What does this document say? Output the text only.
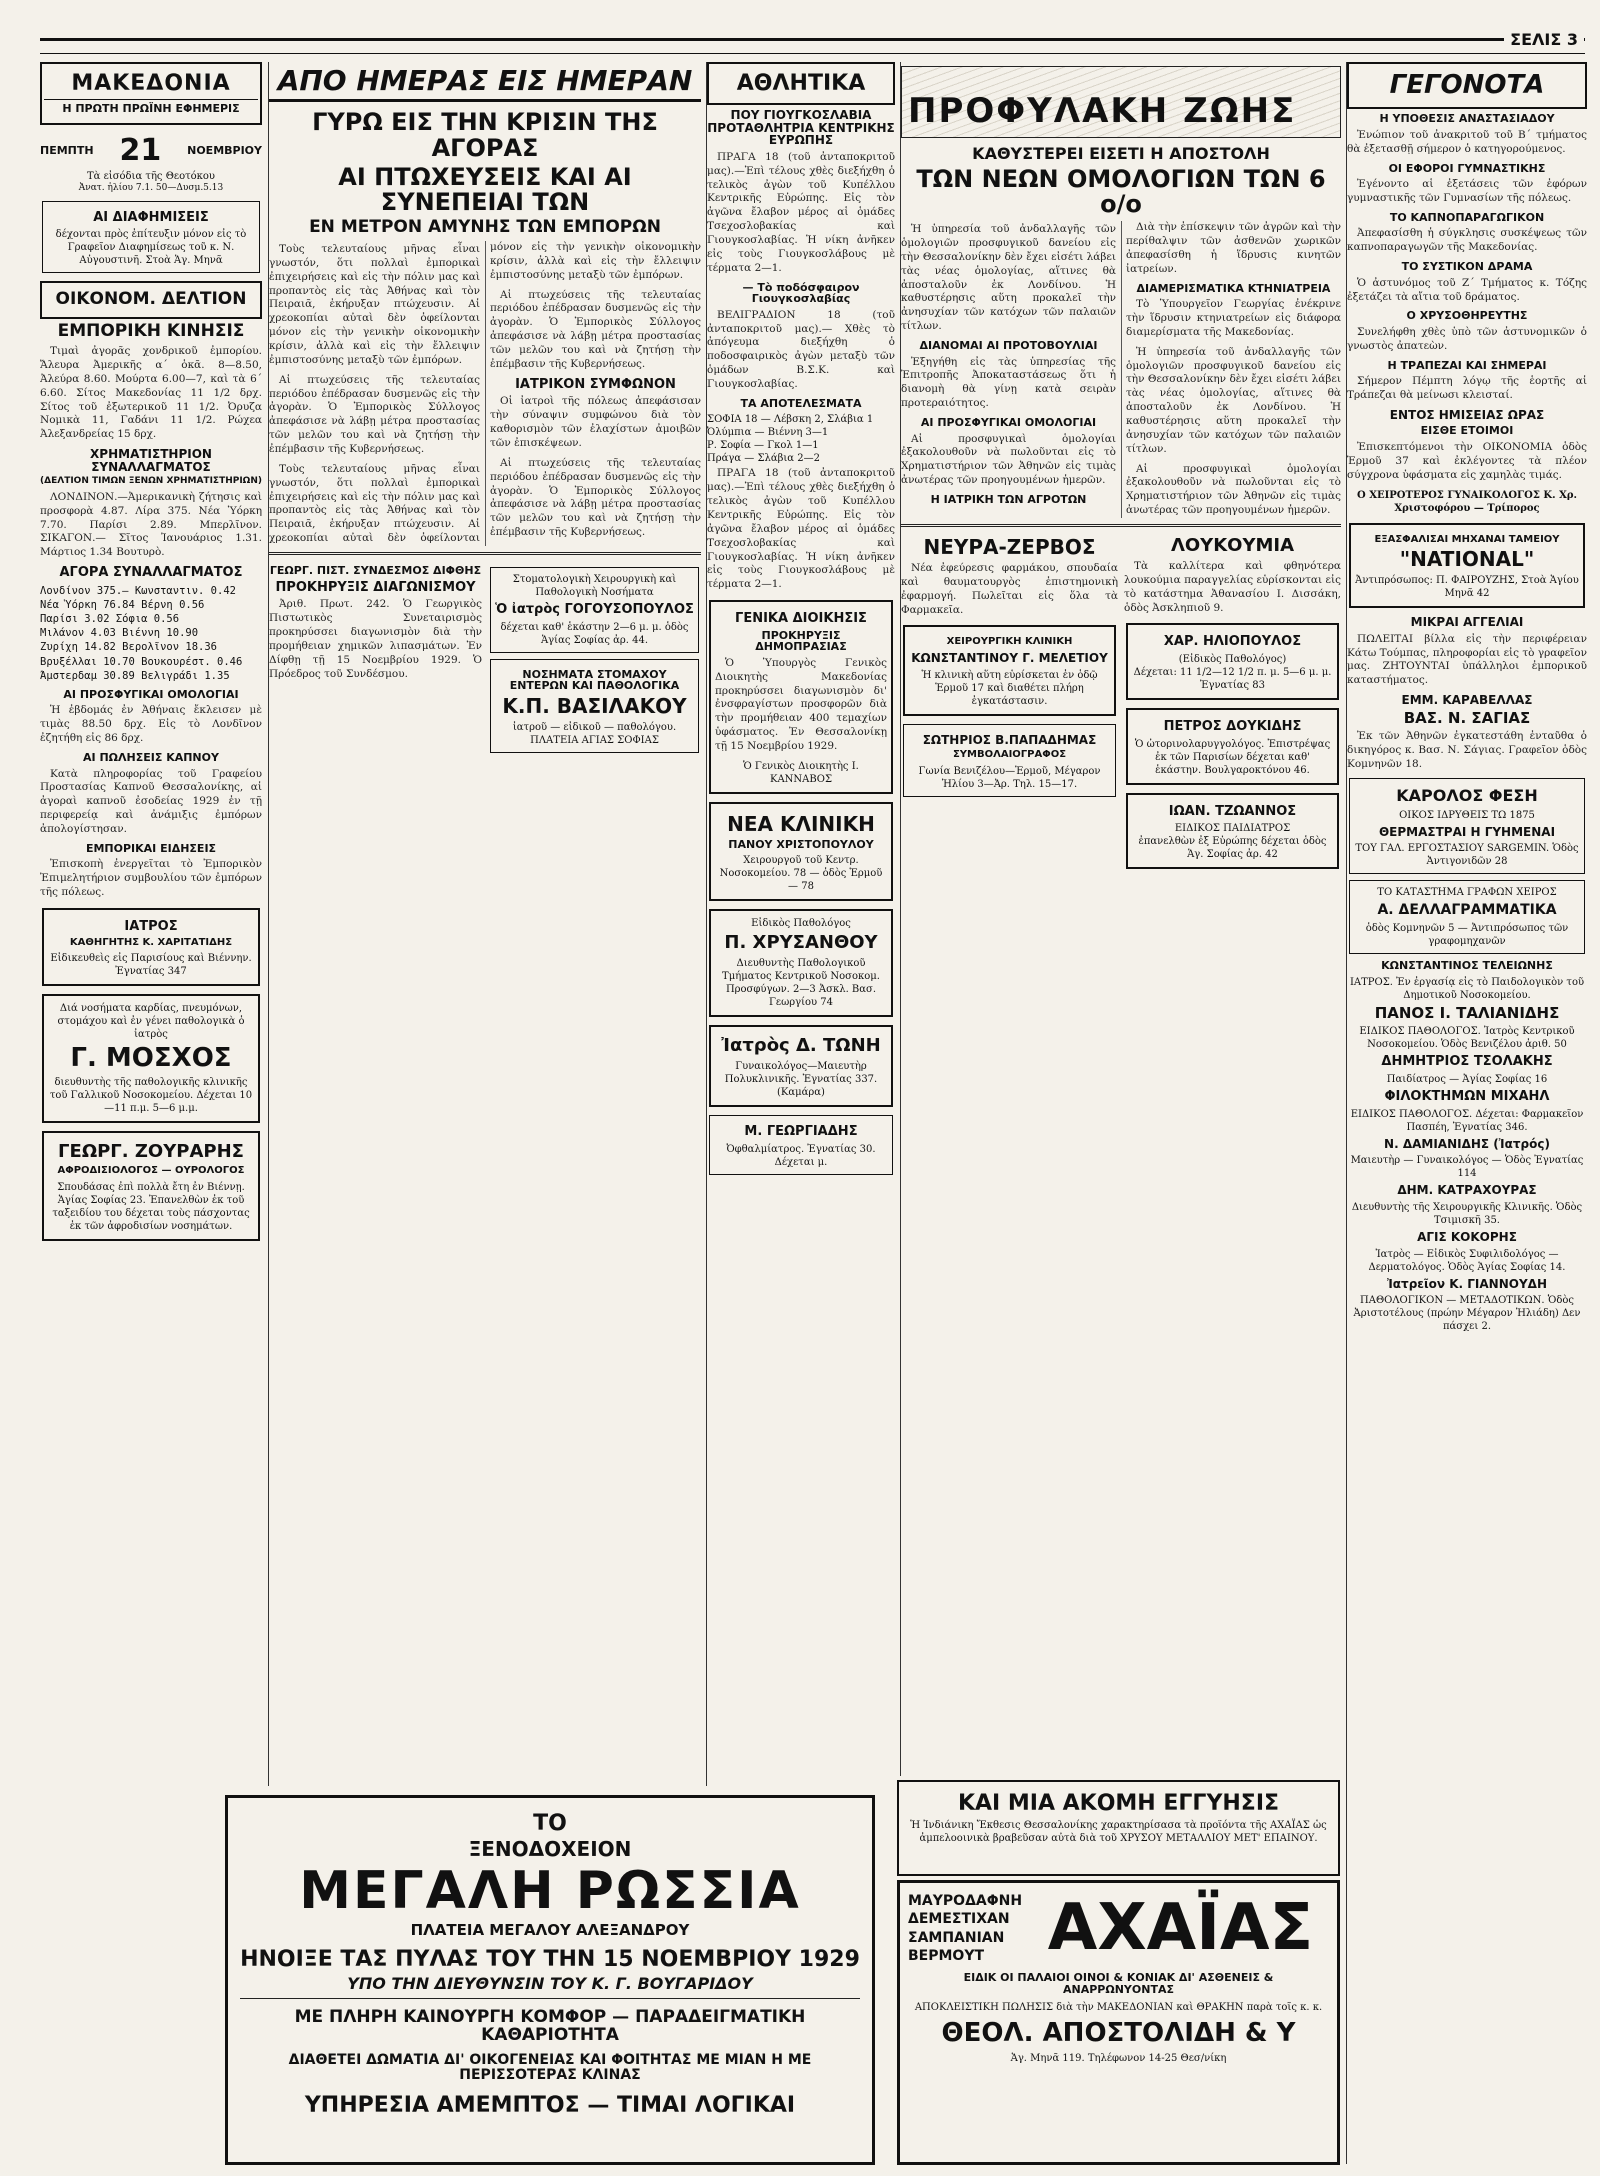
ΣΕΛΙΣ 3
ΜΑΚΕΔΟΝΙΑ
Η ΠΡΩΤΗ ΠΡΩΪΝΗ ΕΦΗΜΕΡΙΣ
ΠΕΜΠΤΗ 21 ΝΟΕΜΒΡΙΟΥ
Τὰ εἰσόδια τῆς Θεοτόκου
Ἀνατ. ἡλίου 7.1. 50—Δυσμ.5.13
ΑΙ ΔΙΑΦΗΜΙΣΕΙΣ
δέχονται πρὸς ἐπίτευξιν μόνον εἰς τὸ Γραφεῖον Διαφημίσεως τοῦ κ. Ν. Αὐγουστινῆ. Στοὰ Ἁγ. Μηνᾶ
ΟΙΚΟΝΟΜ. ΔΕΛΤΙΟΝ
ΕΜΠΟΡΙΚΗ ΚΙΝΗΣΙΣ
Τιμαὶ ἀγορᾶς χονδρικοῦ ἐμπορίου. Ἄλευρα Ἀμερικῆς α΄ ὁκᾶ. 8—8.50, Ἀλεύρα 8.60. Μούρτα 6.00—7, καὶ τὰ 6΄ 6.60. Σίτος Μακεδονίας 11 1/2 δρχ. Σίτος τοῦ ἐξωτερικοῦ 11 1/2. Ὀρυζα Νομικὰ 11, Γαδάνι 11 1/2. Ρώχεα Ἀλεξανδρείας 15 δρχ.
ΧΡΗΜΑΤΙΣΤΗΡΙΟΝ ΣΥΝΑΛΛΑΓΜΑΤΟΣ
(ΔΕΛΤΙΟΝ ΤΙΜΩΝ ΞΕΝΩΝ ΧΡΗΜΑΤΙΣΤΗΡΙΩΝ)
ΛΟΝΔΙΝΟΝ.—Ἀμερικανικὴ ζήτησις καὶ προσφορὰ 4.87. Λίρα 375. Νέα Ὑόρκη 7.70. Παρίσι 2.89. Μπερλῖνον. ΣΙΚΑΓΟΝ.— Σῖτος Ἰανουάριος 1.31. Μάρτιος 1.34 Βουτυρὸ.
ΑΓΟΡΑ ΣΥΝΑΛΛΑΓΜΑΤΟΣ
Λονδίνον 375.— Κωνσταντιν. 0.42
Νέα Ὑόρκη 76.84 Βέρνη 0.56
Παρίσι 3.02 Σόφια 0.56
Μιλάνον 4.03 Βιέννη 10.90
Ζυρίχη 14.82 Βερολῖνον 18.36
Βρυξέλλαι 10.70 Βουκουρέστ. 0.46
Ἄμστερδαμ 30.89 Βελιγράδι 1.35
ΑΙ ΠΡΟΣΦΥΓΙΚΑΙ ΟΜΟΛΟΓΙΑΙ
Ἡ ἐβδομάς ἐν Ἀθήναις ἔκλεισεν μὲ τιμὰς 88.50 δρχ. Εἰς τὸ Λονδῖνον ἐζητήθη εἰς 86 δρχ.
ΑΙ ΠΩΛΗΣΕΙΣ ΚΑΠΝΟΥ
Κατὰ πληροφορίας τοῦ Γραφείου Προστασίας Καπνοῦ Θεσσαλονίκης, αἱ ἀγοραὶ καπνοῦ ἐσοδείας 1929 ἐν τῇ περιφερείᾳ καὶ ἀνάμιξις ἐμπόρων ἀπολογίστησαν.
ΕΜΠΟΡΙΚΑΙ ΕΙΔΗΣΕΙΣ
Ἐπισκοπὴ ἐνεργεῖται τὸ Ἐμπορικὸν Ἐπιμελητήριον συμβουλίου τῶν ἐμπόρων τῆς πόλεως.
ΙΑΤΡΟΣ
ΚΑΘΗΓΗΤΗΣ Κ. ΧΑΡΙΤΑΤΙΔΗΣ
Εἰδικευθεὶς εἰς Παρισίους καὶ Βιέννην. Ἐγνατίας 347
Διά νοσήματα καρδίας, πνευμόνων, στομάχου καὶ ἐν γένει παθολογικὰ ὁ ἰατρὸς
Γ. ΜΟΣΧΟΣ
διευθυντὴς τῆς παθολογικῆς κλινικῆς τοῦ Γαλλικοῦ Νοσοκομείου. Δέχεται 10—11 π.μ. 5—6 μ.μ.
ΓΕΩΡΓ. ΖΟΥΡΑΡΗΣ
ΑΦΡΟΔΙΣΙΟΛΟΓΟΣ — ΟΥΡΟΛΟΓΟΣ
Σπουδάσας ἐπὶ πολλὰ ἔτη ἐν Βιέννῃ. Ἁγίας Σοφίας 23. Ἐπανελθὼν ἐκ τοῦ ταξειδίου του δέχεται τοὺς πάσχοντας ἐκ τῶν ἀφροδισίων νοσημάτων.
ΑΠΟ ΗΜΕΡΑΣ ΕΙΣ ΗΜΕΡΑΝ
ΓΥΡΩ ΕΙΣ ΤΗΝ ΚΡΙΣΙΝ ΤΗΣ ΑΓΟΡΑΣ
ΑΙ ΠΤΩΧΕΥΣΕΙΣ ΚΑΙ ΑΙ ΣΥΝΕΠΕΙΑΙ ΤΩΝ
ΕΝ ΜΕΤΡΟΝ ΑΜΥΝΗΣ ΤΩΝ ΕΜΠΟΡΩΝ
Τοὺς τελευταίους μῆνας εἶναι γνωστόν, ὅτι πολλαὶ ἐμπορικαὶ ἐπιχειρήσεις καὶ εἰς τὴν πόλιν μας καὶ προπαντὸς εἰς τὰς Ἀθήνας καὶ τὸν Πειραιᾶ, ἐκήρυξαν πτώχευσιν. Αἱ χρεοκοπίαι αὐταὶ δὲν ὀφείλονται μόνον εἰς τὴν γενικὴν οἰκονομικὴν κρίσιν, ἀλλὰ καὶ εἰς τὴν ἔλλειψιν ἐμπιστοσύνης μεταξὺ τῶν ἐμπόρων.
Αἱ πτωχεύσεις τῆς τελευταίας περιόδου ἐπέδρασαν δυσμενῶς εἰς τὴν ἀγορὰν. Ὁ Ἐμπορικὸς Σύλλογος ἀπεφάσισε νὰ λάβῃ μέτρα προστασίας τῶν μελῶν του καὶ νὰ ζητήσῃ τὴν ἐπέμβασιν τῆς Κυβερνήσεως.
Τοὺς τελευταίους μῆνας εἶναι γνωστόν, ὅτι πολλαὶ ἐμπορικαὶ ἐπιχειρήσεις καὶ εἰς τὴν πόλιν μας καὶ προπαντὸς εἰς τὰς Ἀθήνας καὶ τὸν Πειραιᾶ, ἐκήρυξαν πτώχευσιν. Αἱ χρεοκοπίαι αὐταὶ δὲν ὀφείλονται μόνον εἰς τὴν γενικὴν οἰκονομικὴν κρίσιν, ἀλλὰ καὶ εἰς τὴν ἔλλειψιν ἐμπιστοσύνης μεταξὺ τῶν ἐμπόρων.
Αἱ πτωχεύσεις τῆς τελευταίας περιόδου ἐπέδρασαν δυσμενῶς εἰς τὴν ἀγορὰν. Ὁ Ἐμπορικὸς Σύλλογος ἀπεφάσισε νὰ λάβῃ μέτρα προστασίας τῶν μελῶν του καὶ νὰ ζητήσῃ τὴν ἐπέμβασιν τῆς Κυβερνήσεως.
ΙΑΤΡΙΚΟΝ ΣΥΜΦΩΝΟΝ
Οἱ ἰατροὶ τῆς πόλεως ἀπεφάσισαν τὴν σύναψιν συμφώνου διὰ τὸν καθορισμὸν τῶν ἐλαχίστων ἀμοιβῶν τῶν ἐπισκέψεων.
Αἱ πτωχεύσεις τῆς τελευταίας περιόδου ἐπέδρασαν δυσμενῶς εἰς τὴν ἀγορὰν. Ὁ Ἐμπορικὸς Σύλλογος ἀπεφάσισε νὰ λάβῃ μέτρα προστασίας τῶν μελῶν του καὶ νὰ ζητήσῃ τὴν ἐπέμβασιν τῆς Κυβερνήσεως.
ΓΕΩΡΓ. ΠΙΣΤ. ΣΥΝΔΕΣΜΟΣ ΔΙΦΘΗΣ
ΠΡΟΚΗΡΥΞΙΣ ΔΙΑΓΩΝΙΣΜΟΥ
Ἀριθ. Πρωτ. 242. Ὁ Γεωργικὸς Πιστωτικὸς Συνεταιρισμὸς προκηρύσσει διαγωνισμὸν διὰ τὴν προμήθειαν χημικῶν λιπασμάτων. Ἐν Δίφθῃ τῇ 15 Νοεμβρίου 1929. Ὁ Πρόεδρος τοῦ Συνδέσμου.
Στοματολογικὴ Χειρουργικὴ καὶ Παθολογικὴ Νοσήματα
Ὁ ἰατρὸς ΓΟΓΟΥΣΟΠΟΥΛΟΣ
δέχεται καθ' ἑκάστην 2—6 μ. μ. ὁδὸς Ἁγίας Σοφίας ἀρ. 44.
ΝΟΣΗΜΑΤΑ ΣΤΟΜΑΧΟΥ ΕΝΤΕΡΩΝ ΚΑΙ ΠΑΘΟΛΟΓΙΚΑ
Κ.Π. ΒΑΣΙΛΑΚΟΥ
ἰατροῦ — εἰδικοῦ — παθολόγου. ΠΛΑΤΕΙΑ ΑΓΙΑΣ ΣΟΦΙΑΣ
ΑΘΛΗΤΙΚΑ
ΠΟΥ ΓΙΟΥΓΚΟΣΛΑΒΙΑ ΠΡΟΤΑΘΛΗΤΡΙΑ ΚΕΝΤΡΙΚΗΣ ΕΥΡΩΠΗΣ
ΠΡΑΓΑ 18 (τοῦ ἀνταποκριτοῦ μας).—Ἐπὶ τέλους χθὲς διεξήχθη ὁ τελικὸς ἀγὼν τοῦ Κυπέλλου Κεντρικῆς Εὐρώπης. Εἰς τὸν ἀγῶνα ἔλαβον μέρος αἱ ὁμάδες Τσεχοσλοβακίας καὶ Γιουγκοσλαβίας. Ἡ νίκη ἀνῆκεν εἰς τοὺς Γιουγκοσλάβους μὲ τέρματα 2—1.
— Τὸ ποδόσφαιρον Γιουγκοσλαβίας
ΒΕΛΙΓΡΑΔΙΟΝ 18 (τοῦ ἀνταποκριτοῦ μας).— Χθὲς τὸ ἀπόγευμα διεξήχθη ὁ ποδοσφαιρικὸς ἀγὼν μεταξὺ τῶν ὁμάδων Β.Σ.Κ. καὶ Γιουγκοσλαβίας.
ΤΑ ΑΠΟΤΕΛΕΣΜΑΤΑ
ΣΟΦΙΑ 18 — Λέβσκη 2, Σλάβια 1
Ὀλύμπια — Βιέννη 3—1
Ρ. Σοφία — Γκολ 1—1
Πράγα — Σλάβια 2—2
ΠΡΑΓΑ 18 (τοῦ ἀνταποκριτοῦ μας).—Ἐπὶ τέλους χθὲς διεξήχθη ὁ τελικὸς ἀγὼν τοῦ Κυπέλλου Κεντρικῆς Εὐρώπης. Εἰς τὸν ἀγῶνα ἔλαβον μέρος αἱ ὁμάδες Τσεχοσλοβακίας καὶ Γιουγκοσλαβίας. Ἡ νίκη ἀνῆκεν εἰς τοὺς Γιουγκοσλάβους μὲ τέρματα 2—1.
ΓΕΝΙΚΑ ΔΙΟΙΚΗΣΙΣ
ΠΡΟΚΗΡΥΞΙΣ ΔΗΜΟΠΡΑΣΙΑΣ
Ὁ Ὑπουργὸς Γενικὸς Διοικητὴς Μακεδονίας προκηρύσσει διαγωνισμὸν δι' ἐνσφραγίστων προσφορῶν διὰ τὴν προμήθειαν 400 τεμαχίων ὑφάσματος. Ἐν Θεσσαλονίκῃ τῇ 15 Νοεμβρίου 1929.
Ὁ Γενικὸς Διοικητὴς Ι. ΚΑΝΝΑΒΟΣ
ΝΕΑ ΚΛΙΝΙΚΗ
ΠΑΝΟΥ ΧΡΙΣΤΟΠΟΥΛΟΥ
Χειρουργοῦ τοῦ Κεντρ. Νοσοκομείου. 78 — ὁδὸς Ἑρμοῦ — 78
Εἰδικὸς Παθολόγος
Π. ΧΡΥΣΑΝΘΟΥ
Διευθυντὴς Παθολογικοῦ Τμήματος Κεντρικοῦ Νοσοκομ. Προσφύγων. 2—3 Ἀσκλ. Βασ. Γεωργίου 74
Ἰατρὸς Δ. ΤΩΝΗ
Γυναικολόγος—Μαιευτὴρ Πολυκλινικῆς. Ἐγνατίας 337. (Καμάρα)
Μ. ΓΕΩΡΓΙΑΔΗΣ
Ὀφθαλμίατρος. Ἐγνατίας 30. Δέχεται μ.
ΠΡΟΦΥΛΑΚΗ ΖΩΗΣ
ΚΑΘΥΣΤΕΡΕΙ ΕΙΣΕΤΙ Η ΑΠΟΣΤΟΛΗ
ΤΩΝ ΝΕΩΝ ΟΜΟΛΟΓΙΩΝ ΤΩΝ 6 ο/ο
Ἡ ὑπηρεσία τοῦ ἀνδαλλαγῆς τῶν ὁμολογιῶν προσφυγικοῦ δανείου εἰς τὴν Θεσσαλονίκην δὲν ἔχει εἰσέτι λάβει τὰς νέας ὁμολογίας, αἵτινες θὰ ἀποσταλοῦν ἐκ Λονδίνου. Ἡ καθυστέρησις αὕτη προκαλεῖ τὴν ἀνησυχίαν τῶν κατόχων τῶν παλαιῶν τίτλων.
ΔΙΑΝΟΜΑΙ ΑΙ ΠΡΟΤΟΒΟΥΛΙΑΙ
Ἐξηγήθη εἰς τὰς ὑπηρεσίας τῆς Ἐπιτροπῆς Ἀποκαταστάσεως ὅτι ἡ διανομὴ θὰ γίνῃ κατὰ σειρὰν προτεραιότητος.
ΑΙ ΠΡΟΣΦΥΓΙΚΑΙ ΟΜΟΛΟΓΙΑΙ
Αἱ προσφυγικαὶ ὁμολογίαι ἐξακολουθοῦν νὰ πωλοῦνται εἰς τὸ Χρηματιστήριον τῶν Ἀθηνῶν εἰς τιμὰς ἀνωτέρας τῶν προηγουμένων ἡμερῶν.
Η ΙΑΤΡΙΚΗ ΤΩΝ ΑΓΡΟΤΩΝ
Διὰ τὴν ἐπίσκεψιν τῶν ἀγρῶν καὶ τὴν περίθαλψιν τῶν ἀσθενῶν χωρικῶν ἀπεφασίσθη ἡ ἵδρυσις κινητῶν ἰατρείων.
ΔΙΑΜΕΡΙΣΜΑΤΙΚΑ ΚΤΗΝΙΑΤΡΕΙΑ
Τὸ Ὑπουργεῖον Γεωργίας ἐνέκρινε τὴν ἵδρυσιν κτηνιατρείων εἰς διάφορα διαμερίσματα τῆς Μακεδονίας.
Ἡ ὑπηρεσία τοῦ ἀνδαλλαγῆς τῶν ὁμολογιῶν προσφυγικοῦ δανείου εἰς τὴν Θεσσαλονίκην δὲν ἔχει εἰσέτι λάβει τὰς νέας ὁμολογίας, αἵτινες θὰ ἀποσταλοῦν ἐκ Λονδίνου. Ἡ καθυστέρησις αὕτη προκαλεῖ τὴν ἀνησυχίαν τῶν κατόχων τῶν παλαιῶν τίτλων.
Αἱ προσφυγικαὶ ὁμολογίαι ἐξακολουθοῦν νὰ πωλοῦνται εἰς τὸ Χρηματιστήριον τῶν Ἀθηνῶν εἰς τιμὰς ἀνωτέρας τῶν προηγουμένων ἡμερῶν.
ΝΕΥΡΑ-ΖΕΡΒΟΣ
Νέα ἐφεύρεσις φαρμάκου, σπουδαία καὶ θαυματουργὸς ἐπιστημονικὴ ἐφαρμογή. Πωλεῖται εἰς ὅλα τὰ Φαρμακεῖα.
ΧΕΙΡΟΥΡΓΙΚΗ ΚΛΙΝΙΚΗ
ΚΩΝΣΤΑΝΤΙΝΟΥ Γ. ΜΕΛΕΤΙΟΥ
Ἡ κλινικὴ αὕτη εὑρίσκεται ἐν ὁδῷ Ἑρμοῦ 17 καὶ διαθέτει πλήρη ἐγκατάστασιν.
ΣΩΤΗΡΙΟΣ Β.ΠΑΠΑΔΗΜΑΣ
ΣΥΜΒΟΛΑΙΟΓΡΑΦΟΣ
Γωνία Βενιζέλου—Ἑρμοῦ, Μέγαρον Ἠλίου 3—Ἀρ. Τηλ. 15—17.
ΛΟΥΚΟΥΜΙΑ
Τὰ καλλίτερα καὶ φθηνότερα λουκούμια παραγγελίας εὑρίσκονται εἰς τὸ κατάστημα Ἀθανασίου Ι. Δισσάκη, ὁδὸς Ἀσκληπιοῦ 9.
ΧΑΡ. ΗΛΙΟΠΟΥΛΟΣ
(Εἰδικὸς Παθολόγος)
Δέχεται: 11 1/2—12 1/2 π. μ. 5—6 μ. μ. Ἐγνατίας 83
ΠΕΤΡΟΣ ΔΟΥΚΙΔΗΣ
Ὁ ὠτορινολαρυγγολόγος. Ἐπιστρέψας ἐκ τῶν Παρισίων δέχεται καθ' ἑκάστην. Βουλγαροκτόνου 46.
ΙΩΑΝ. ΤΖΩΑΝΝΟΣ
ΕΙΔΙΚΟΣ ΠΑΙΔΙΑΤΡΟΣ
ἐπανελθὼν ἐξ Εὐρώπης δέχεται ὁδὸς Ἁγ. Σοφίας ἀρ. 42
ΓΕΓΟΝΟΤΑ
Η ΥΠΟΘΕΣΙΣ ΑΝΑΣΤΑΣΙΑΔΟΥ
Ἐνώπιον τοῦ ἀνακριτοῦ τοῦ Β΄ τμήματος θὰ ἐξετασθῇ σήμερον ὁ κατηγορούμενος.
ΟΙ ΕΦΟΡΟΙ ΓΥΜΝΑΣΤΙΚΗΣ
Ἐγένοντο αἱ ἐξετάσεις τῶν ἐφόρων γυμναστικῆς τῶν Γυμνασίων τῆς πόλεως.
ΤΟ ΚΑΠΝΟΠΑΡΑΓΩΓΙΚΟΝ
Ἀπεφασίσθη ἡ σύγκλησις συσκέψεως τῶν καπνοπαραγωγῶν τῆς Μακεδονίας.
ΤΟ ΣΥΣΤΙΚΟΝ ΔΡΑΜΑ
Ὁ ἀστυνόμος τοῦ Ζ΄ Τμήματος κ. Τόζης ἐξετάζει τὰ αἴτια τοῦ δράματος.
Ο ΧΡΥΣΟΘΗΡΕΥΤΗΣ
Συνελήφθη χθὲς ὑπὸ τῶν ἀστυνομικῶν ὁ γνωστὸς ἀπατεὼν.
Η ΤΡΑΠΕΖΑΙ ΚΑΙ ΣΗΜΕΡΑΙ
Σήμερον Πέμπτη λόγῳ τῆς ἑορτῆς αἱ Τράπεζαι θὰ μείνωσι κλεισταί.
ΕΝΤΟΣ ΗΜΙΣΕΙΑΣ ΩΡΑΣ
ΕΙΣΘΕ ΕΤΟΙΜΟΙ
Ἐπισκεπτόμενοι τὴν ΟΙΚΟΝΟΜΙΑ ὁδὸς Ἑρμοῦ 37 καὶ ἐκλέγοντες τὰ πλέον σύγχρονα ὑφάσματα εἰς χαμηλὰς τιμάς.
Ο ΧΕΙΡΟΤΕΡΟΣ ΓΥΝΑΙΚΟΛΟΓΟΣ Κ. Χρ. Χριστοφόρου — Τρίπορος
ΕΞΑΣΦΑΛΙΣΑΙ ΜΗΧΑΝΑΙ ΤΑΜΕΙΟΥ
"NATIONAL"
Ἀντιπρόσωπος: Π. ΦΑΙΡΟΥΖΗΣ, Στοὰ Ἁγίου Μηνᾶ 42
ΜΙΚΡΑΙ ΑΓΓΕΛΙΑΙ
ΠΩΛΕΙΤΑΙ βίλλα εἰς τὴν περιφέρειαν Κάτω Τούμπας, πληροφορίαι εἰς τὸ γραφεῖον μας. ΖΗΤΟΥΝΤΑΙ ὑπάλληλοι ἐμπορικοῦ καταστήματος.
ΕΜΜ. ΚΑΡΑΒΕΛΛΑΣ
ΒΑΣ. Ν. ΣΑΓΙΑΣ
Ἐκ τῶν Ἀθηνῶν ἐγκατεστάθη ἐνταῦθα ὁ δικηγόρος κ. Βασ. Ν. Σάγιας. Γραφεῖον ὁδὸς Κομνηνῶν 18.
ΚΑΡΟΛΟΣ ΦΕΣΗ
ΟΙΚΟΣ ΙΔΡΥΘΕΙΣ ΤΩ 1875
ΘΕΡΜΑΣΤΡΑΙ Η ΓΥΗΜΕΝΑΙ
ΤΟΥ ΓΑΛ. ΕΡΓΟΣΤΑΣΙΟΥ SARGEMIN. Ὁδὸς Ἀντιγονιδῶν 28
ΤΟ ΚΑΤΑΣΤΗΜΑ ΓΡΑΦΩΝ ΧΕΙΡΟΣ
Α. ΔΕΛΛΑΓΡΑΜΜΑΤΙΚΑ
ὁδὸς Κομνηνῶν 5 — Ἀντιπρόσωπος τῶν γραφομηχανῶν
ΚΩΝΣΤΑΝΤΙΝΟΣ ΤΕΛΕΙΩΝΗΣ
ΙΑΤΡΟΣ. Ἐν ἐργασίᾳ εἰς τὸ Παιδολογικὸν τοῦ Δημοτικοῦ Νοσοκομείου.
ΠΑΝΟΣ Ι. ΤΑΛΙΑΝΙΔΗΣ
ΕΙΔΙΚΟΣ ΠΑΘΟΛΟΓΟΣ. Ἰατρὸς Κεντρικοῦ Νοσοκομείου. Ὁδὸς Βενιζέλου ἀριθ. 50
ΔΗΜΗΤΡΙΟΣ ΤΣΟΛΑΚΗΣ
Παιδίατρος — Ἀγίας Σοφίας 16
ΦΙΛΟΚΤΗΜΩΝ ΜΙΧΑΗΛ
ΕΙΔΙΚΟΣ ΠΑΘΟΛΟΓΟΣ. Δέχεται: Φαρμακεῖον Πασπέη, Ἐγνατίας 346.
Ν. ΔΑΜΙΑΝΙΔΗΣ (Ἰατρός)
Μαιευτὴρ — Γυναικολόγος — Ὁδὸς Ἐγνατίας 114
ΔΗΜ. ΚΑΤΡΑΧΟΥΡΑΣ
Διευθυντὴς τῆς Χειρουργικῆς Κλινικῆς. Ὁδὸς Τσιμισκῆ 35.
ΑΓΙΣ ΚΟΚΟΡΗΣ
Ἰατρὸς — Εἰδικὸς Συφιλιδολόγος — Δερματολόγος. Ὁδὸς Ἁγίας Σοφίας 14.
Ἰατρεῖον Κ. ΓΙΑΝΝΟΥΔΗ
ΠΑΘΟΛΟΓΙΚΟΝ — ΜΕΤΑΔΟΤΙΚΩΝ. Ὁδὸς Ἀριστοτέλους (πρώην Μέγαρον Ἡλιάδη) Δεν πάσχει 2.
ΤΟ
ΞΕΝΟΔΟΧΕΙΟΝ
ΜΕΓΑΛΗ ΡΩΣΣΙΑ
ΠΛΑΤΕΙΑ ΜΕΓΑΛΟΥ ΑΛΕΞΑΝΔΡΟΥ
ΗΝΟΙΞΕ ΤΑΣ ΠΥΛΑΣ ΤΟΥ ΤΗΝ 15 ΝΟΕΜΒΡΙΟΥ 1929
ΥΠΟ ΤΗΝ ΔΙΕΥΘΥΝΣΙΝ ΤΟΥ Κ. Γ. ΒΟΥΓΑΡΙΔΟΥ
ΜΕ ΠΛΗΡΗ ΚΑΙΝΟΥΡΓΗ ΚΟΜΦΟΡ — ΠΑΡΑΔΕΙΓΜΑΤΙΚΗ ΚΑΘΑΡΙΟΤΗΤΑ
ΔΙΑΘΕΤΕΙ ΔΩΜΑΤΙΑ ΔΙ' ΟΙΚΟΓΕΝΕΙΑΣ ΚΑΙ ΦΟΙΤΗΤΑΣ ΜΕ ΜΙΑΝ Η ΜΕ ΠΕΡΙΣΣΟΤΕΡΑΣ ΚΛΙΝΑΣ
ΥΠΗΡΕΣΙΑ ΑΜΕΜΠΤΟΣ — ΤΙΜΑΙ ΛΟΓΙΚΑΙ
ΚΑΙ ΜΙΑ ΑΚΟΜΗ ΕΓΓΥΗΣΙΣ
Ἡ Ἰνδιάνικη Ἔκθεσις Θεσσαλονίκης χαρακτηρίσασα τὰ προϊόντα τῆς ΑΧΑΪΑΣ ὡς ἀμπελοοινικὰ βραβεῦσαν αὐτὰ διὰ τοῦ ΧΡΥΣΟΥ ΜΕΤΑΛΛΙΟΥ ΜΕΤ' ΕΠΑΙΝΟΥ.
ΜΑΥΡΟΔΑΦΝΗ
ΔΕΜΕΣΤΙΧΑΝ
ΣΑΜΠΑΝΙΑΝ
ΒΕΡΜΟΥΤ ΑΧΑΪΑΣ
ΕΙΔΙΚ ΟΙ ΠΑΛΑΙΟΙ ΟΙΝΟΙ & ΚΟΝΙΑΚ ΔΙ' ΑΣΘΕΝΕΙΣ & ΑΝΑΡΡΩΝΥΟΝΤΑΣ
ΑΠΟΚΛΕΙΣΤΙΚΗ ΠΩΛΗΣΙΣ διὰ τὴν ΜΑΚΕΔΟΝΙΑΝ καὶ ΘΡΑΚΗΝ παρὰ τοῖς κ. κ.
ΘΕΟΛ. ΑΠΟΣΤΟΛΙΔΗ & Υ
Ἁγ. Μηνᾶ 119. Τηλέφωνον 14-25 Θεσ/νίκη
